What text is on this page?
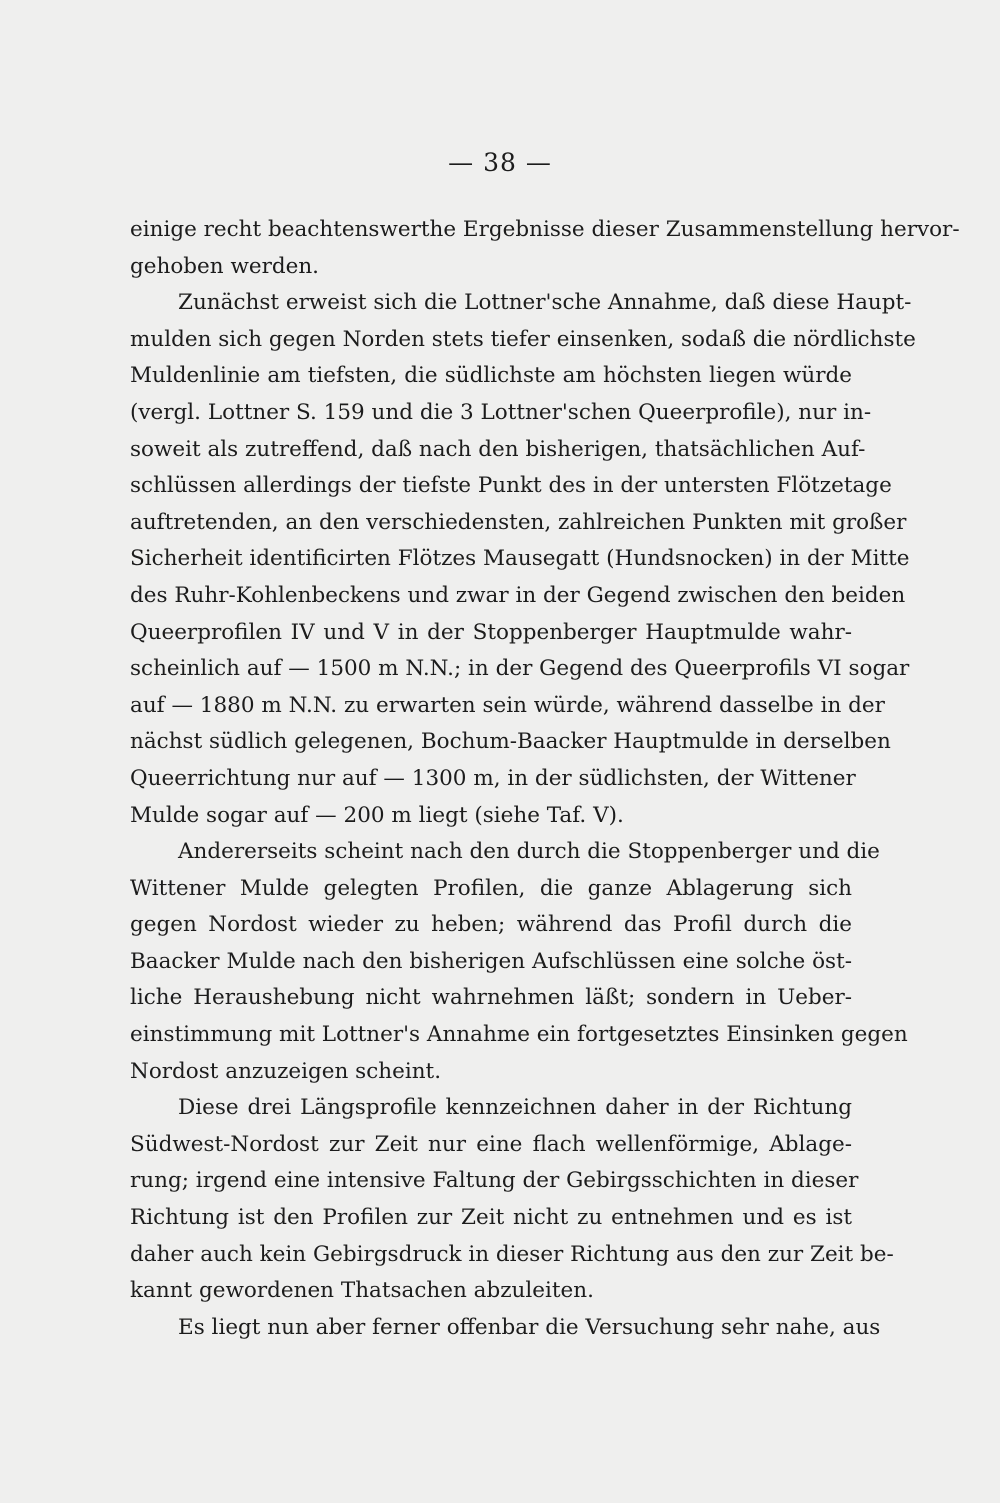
— 38 —
einige recht beachtenswerthe Ergebnisse dieser Zusammenstellung hervor-
gehoben werden.
Zunächst erweist sich die Lottner'sche Annahme, daß diese Haupt-
mulden sich gegen Norden stets tiefer einsenken, sodaß die nördlichste
Muldenlinie am tiefsten, die südlichste am höchsten liegen würde
(vergl. Lottner S. 159 und die 3 Lottner'schen Queerprofile), nur in-
soweit als zutreffend, daß nach den bisherigen, thatsächlichen Auf-
schlüssen allerdings der tiefste Punkt des in der untersten Flötzetage
auftretenden, an den verschiedensten, zahlreichen Punkten mit großer
Sicherheit identificirten Flötzes Mausegatt (Hundsnocken) in der Mitte
des Ruhr-Kohlenbeckens und zwar in der Gegend zwischen den beiden
Queerprofilen IV und V in der Stoppenberger Hauptmulde wahr-
scheinlich auf — 1500 m N.N.; in der Gegend des Queerprofils VI sogar
auf — 1880 m N.N. zu erwarten sein würde, während dasselbe in der
nächst südlich gelegenen, Bochum-Baacker Hauptmulde in derselben
Queerrichtung nur auf — 1300 m, in der südlichsten, der Wittener
Mulde sogar auf — 200 m liegt (siehe Taf. V).
Andererseits scheint nach den durch die Stoppenberger und die
Wittener Mulde gelegten Profilen, die ganze Ablagerung sich
gegen Nordost wieder zu heben; während das Profil durch die
Baacker Mulde nach den bisherigen Aufschlüssen eine solche öst-
liche Heraushebung nicht wahrnehmen läßt; sondern in Ueber-
einstimmung mit Lottner's Annahme ein fortgesetztes Einsinken gegen
Nordost anzuzeigen scheint.
Diese drei Längsprofile kennzeichnen daher in der Richtung
Südwest-Nordost zur Zeit nur eine flach wellenförmige, Ablage-
rung; irgend eine intensive Faltung der Gebirgsschichten in dieser
Richtung ist den Profilen zur Zeit nicht zu entnehmen und es ist
daher auch kein Gebirgsdruck in dieser Richtung aus den zur Zeit be-
kannt gewordenen Thatsachen abzuleiten.
Es liegt nun aber ferner offenbar die Versuchung sehr nahe, aus
